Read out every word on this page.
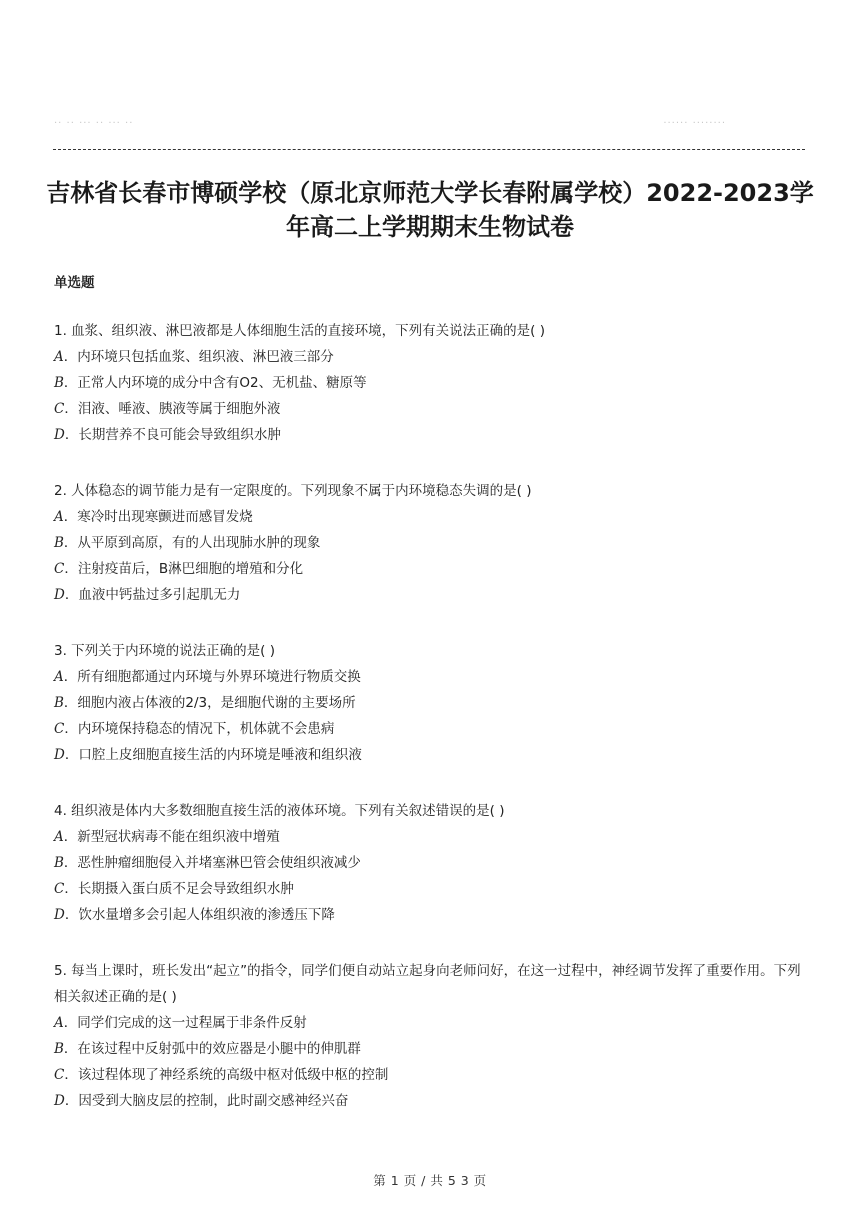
·· ·· ··· ·· ··· ··	······ ········
吉林省长春市博硕学校（原北京师范大学长春附属学校）2022-2023学年高二上学期期末生物试卷
单选题
1. 血浆、组织液、淋巴液都是人体细胞生活的直接环境，下列有关说法正确的是( )
A．内环境只包括血浆、组织液、淋巴液三部分
B．正常人内环境的成分中含有O2、无机盐、糖原等
C．泪液、唾液、胰液等属于细胞外液
D．长期营养不良可能会导致组织水肿
2. 人体稳态的调节能力是有一定限度的。下列现象不属于内环境稳态失调的是( )
A．寒冷时出现寒颤进而感冒发烧
B．从平原到高原，有的人出现肺水肿的现象
C．注射疫苗后，B淋巴细胞的增殖和分化
D．血液中钙盐过多引起肌无力
3. 下列关于内环境的说法正确的是( )
A．所有细胞都通过内环境与外界环境进行物质交换
B．细胞内液占体液的2/3，是细胞代谢的主要场所
C．内环境保持稳态的情况下，机体就不会患病
D．口腔上皮细胞直接生活的内环境是唾液和组织液
4. 组织液是体内大多数细胞直接生活的液体环境。下列有关叙述错误的是( )
A．新型冠状病毒不能在组织液中增殖
B．恶性肿瘤细胞侵入并堵塞淋巴管会使组织液减少
C．长期摄入蛋白质不足会导致组织水肿
D．饮水量增多会引起人体组织液的渗透压下降
5. 每当上课时，班长发出“起立”的指令，同学们便自动站立起身向老师问好，在这一过程中，神经调节发挥了重要作用。下列相关叙述正确的是( )
A．同学们完成的这一过程属于非条件反射
B．在该过程中反射弧中的效应器是小腿中的伸肌群
C．该过程体现了神经系统的高级中枢对低级中枢的控制
D．因受到大脑皮层的控制，此时副交感神经兴奋
第 1 页 / 共 5 3 页
